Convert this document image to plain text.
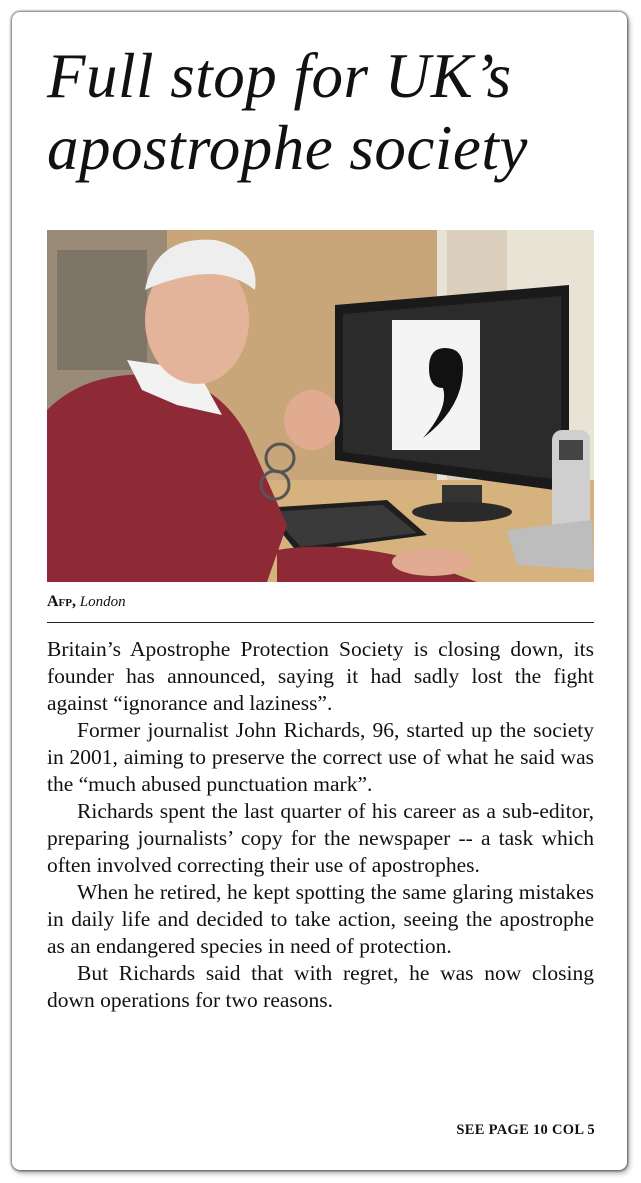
Full stop for UK’s apostrophe society
Afp, London

Britain’s Apostrophe Protection Society is closing down, its founder has announced, saying it had sadly lost the fight against “ignorance and laziness”.

Former journalist John Richards, 96, started up the society in 2001, aiming to preserve the correct use of what he said was the “much abused punctuation mark”.

Richards spent the last quarter of his career as a sub-editor, preparing journalists’ copy for the newspaper -- a task which often involved correcting their use of apostrophes.

When he retired, he kept spotting the same glaring mistakes in daily life and decided to take action, seeing the apostrophe as an endangered species in need of protection.

But Richards said that with regret, he was now closing down operations for two reasons.

SEE PAGE 10 COL 5
